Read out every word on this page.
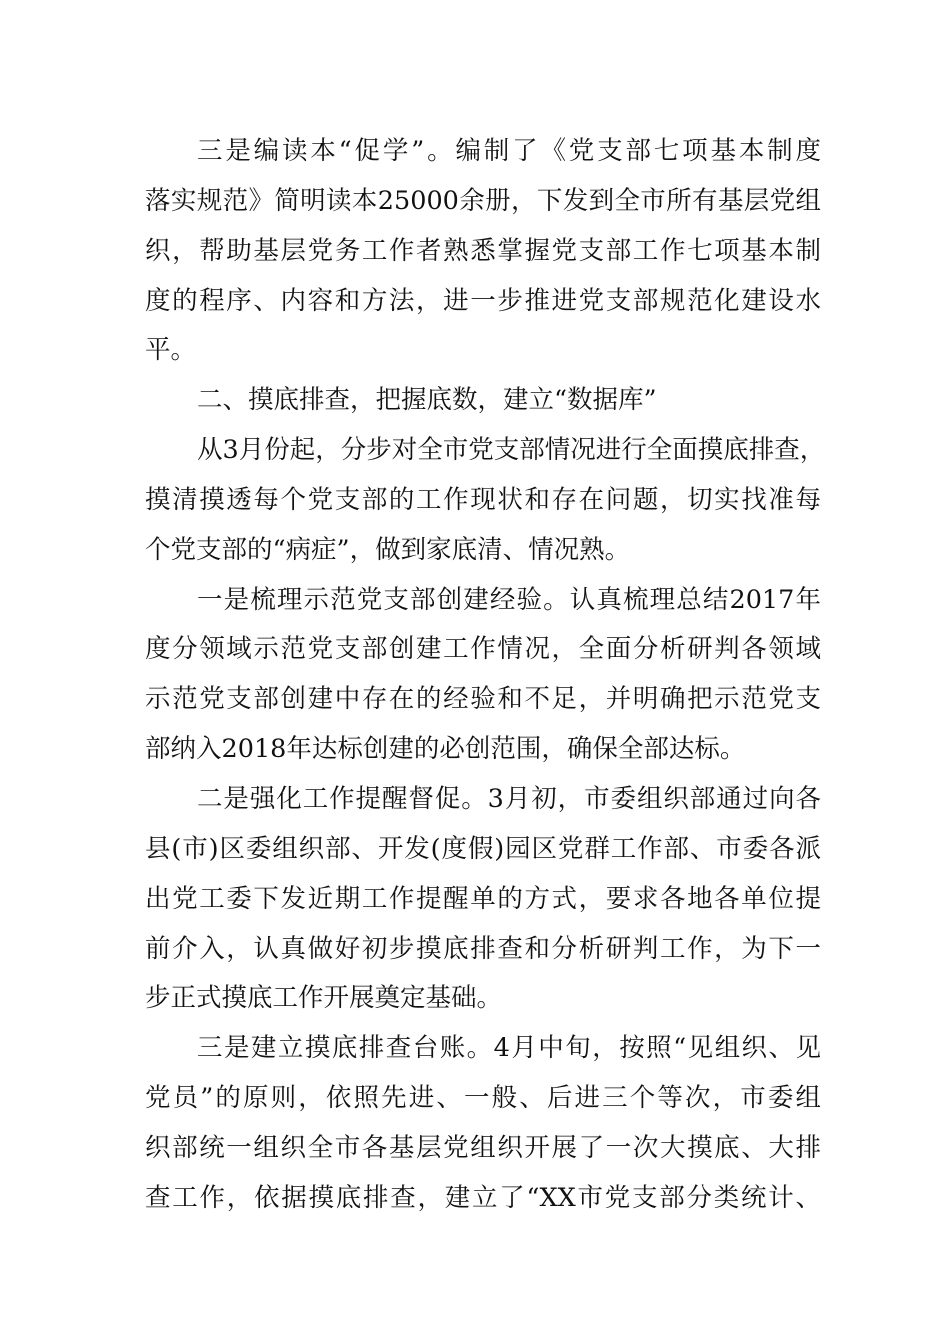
三是编读本“促学”。编制了《党支部七项基本制度
落实规范》简明读本25000余册，下发到全市所有基层党组
织，帮助基层党务工作者熟悉掌握党支部工作七项基本制
度的程序、内容和方法，进一步推进党支部规范化建设水
平。
二、摸底排查，把握底数，建立“数据库”
从3月份起，分步对全市党支部情况进行全面摸底排查，
摸清摸透每个党支部的工作现状和存在问题，切实找准每
个党支部的“病症”，做到家底清、情况熟。
一是梳理示范党支部创建经验。认真梳理总结2017年
度分领域示范党支部创建工作情况，全面分析研判各领域
示范党支部创建中存在的经验和不足，并明确把示范党支
部纳入2018年达标创建的必创范围，确保全部达标。
二是强化工作提醒督促。3月初，市委组织部通过向各
县(市)区委组织部、开发(度假)园区党群工作部、市委各派
出党工委下发近期工作提醒单的方式，要求各地各单位提
前介入，认真做好初步摸底排查和分析研判工作，为下一
步正式摸底工作开展奠定基础。
三是建立摸底排查台账。4月中旬，按照“见组织、见
党员”的原则，依照先进、一般、后进三个等次，市委组
织部统一组织全市各基层党组织开展了一次大摸底、大排
查工作，依据摸底排查，建立了“XX市党支部分类统计、
